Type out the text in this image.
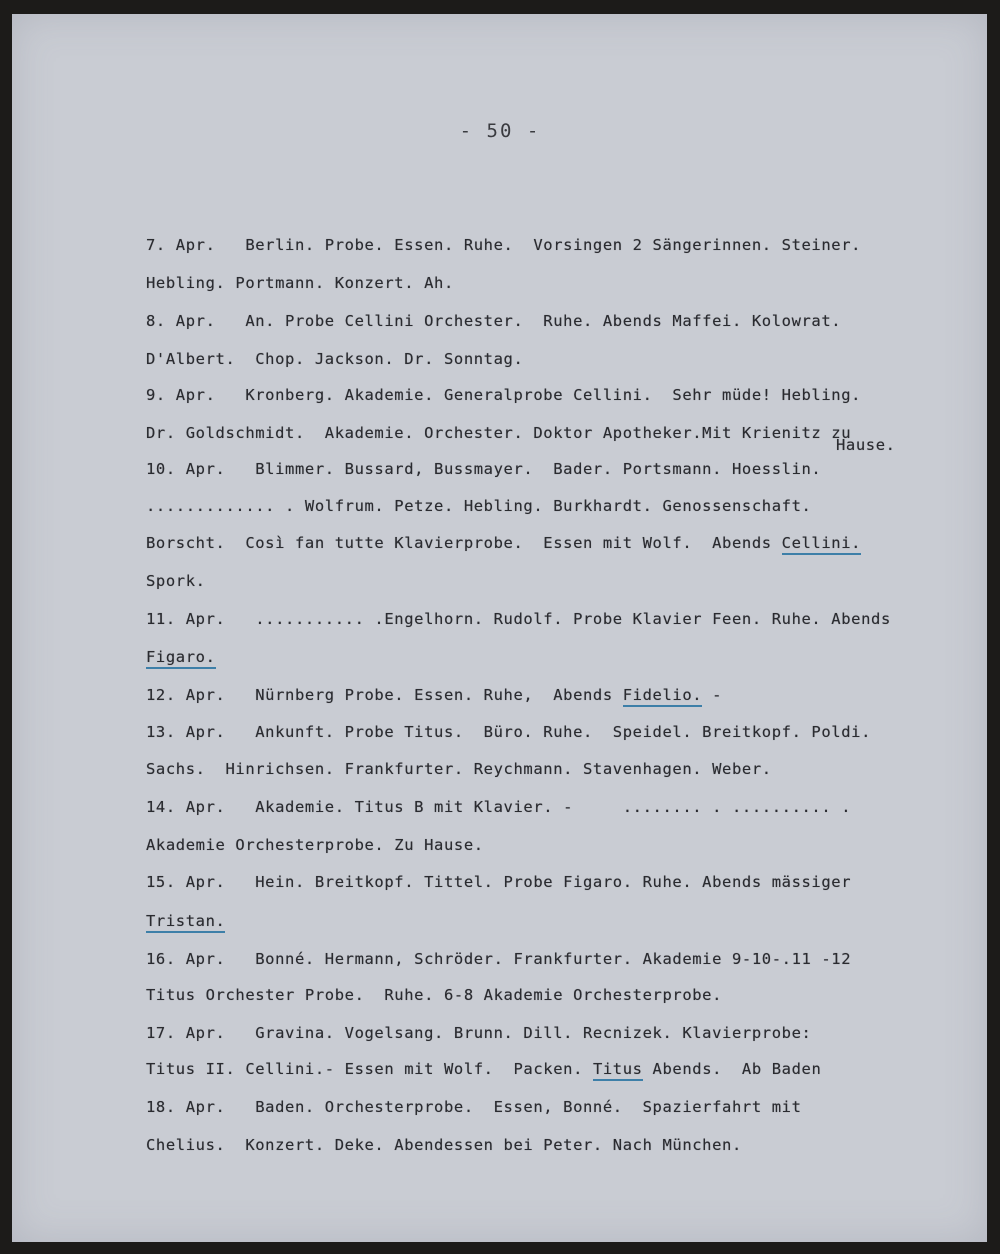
- 50 -
Hause.
7. Apr.   Berlin. Probe. Essen. Ruhe.  Vorsingen 2 Sängerinnen. Steiner.
Hebling. Portmann. Konzert. Ah.
8. Apr.   An. Probe Cellini Orchester.  Ruhe. Abends Maffei. Kolowrat.
D'Albert.  Chop. Jackson. Dr. Sonntag.
9. Apr.   Kronberg. Akademie. Generalprobe Cellini.  Sehr müde! Hebling.
Dr. Goldschmidt.  Akademie. Orchester. Doktor Apotheker.Mit Krienitz zu
10. Apr.   Blimmer. Bussard, Bussmayer.  Bader. Portsmann. Hoesslin.
............. . Wolfrum. Petze. Hebling. Burkhardt. Genossenschaft.
Borscht.  Così fan tutte Klavierprobe.  Essen mit Wolf.  Abends Cellini.
Spork.
11. Apr.   ........... .Engelhorn. Rudolf. Probe Klavier Feen. Ruhe. Abends
Figaro.
12. Apr.   Nürnberg Probe. Essen. Ruhe,  Abends Fidelio. -
13. Apr.   Ankunft. Probe Titus.  Büro. Ruhe.  Speidel. Breitkopf. Poldi.
Sachs.  Hinrichsen. Frankfurter. Reychmann. Stavenhagen. Weber.
14. Apr.   Akademie. Titus B mit Klavier. -     ........ . .......... .
Akademie Orchesterprobe. Zu Hause.
15. Apr.   Hein. Breitkopf. Tittel. Probe Figaro. Ruhe. Abends mässiger
Tristan.
16. Apr.   Bonné. Hermann, Schröder. Frankfurter. Akademie 9-10-.11 -12
Titus Orchester Probe.  Ruhe. 6-8 Akademie Orchesterprobe.
17. Apr.   Gravina. Vogelsang. Brunn. Dill. Recnizek. Klavierprobe:
Titus II. Cellini.- Essen mit Wolf.  Packen. Titus Abends.  Ab Baden
18. Apr.   Baden. Orchesterprobe.  Essen, Bonné.  Spazierfahrt mit
Chelius.  Konzert. Deke. Abendessen bei Peter. Nach München.
